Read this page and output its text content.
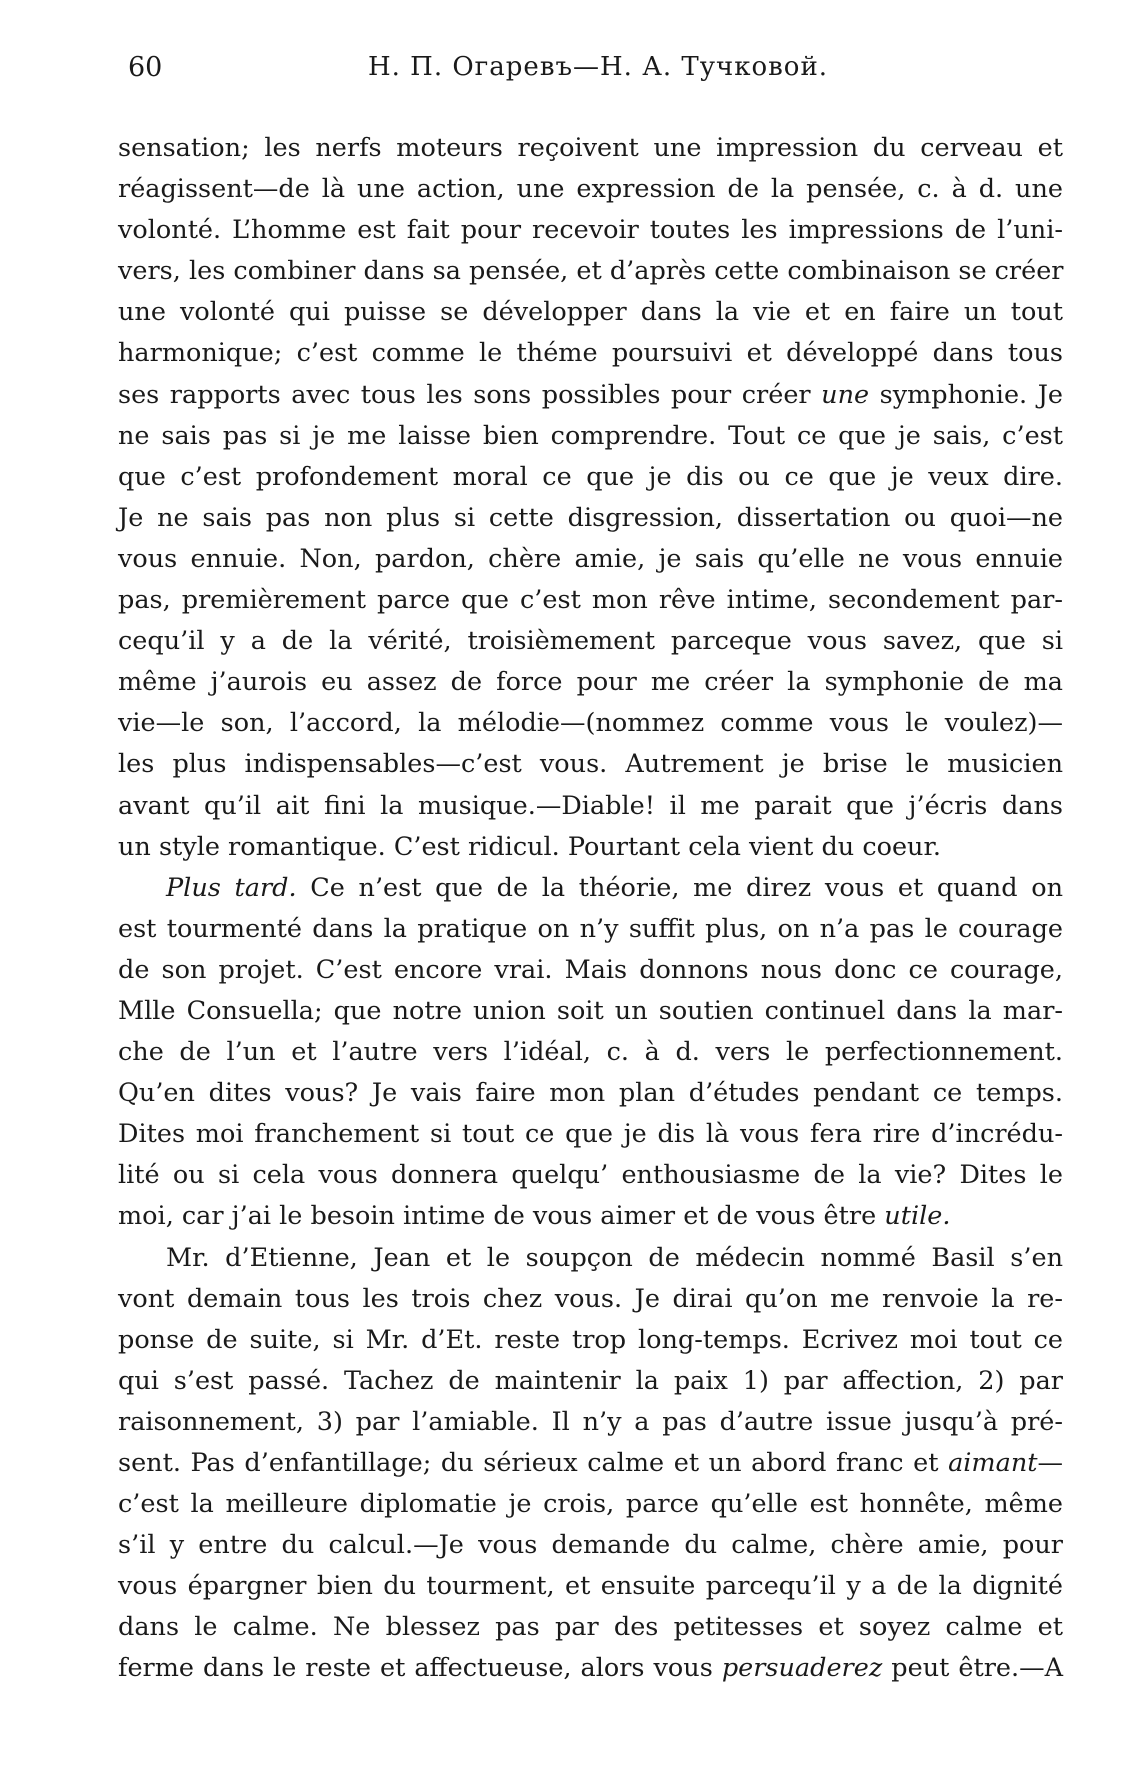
60	Н. П. Огаревъ—Н. А. Тучковой.
sensation; les nerfs moteurs reçoivent une impression du cerveau et
réagissent—de là une action, une expression de la pensée, c. à d. une
volonté. L’homme est fait pour recevoir toutes les impressions de l’uni-
vers, les combiner dans sa pensée, et d’après cette combinaison se créer
une volonté qui puisse se développer dans la vie et en faire un tout
harmonique; c’est comme le théme poursuivi et développé dans tous
ses rapports avec tous les sons possibles pour créer une symphonie. Je
ne sais pas si je me laisse bien comprendre. Tout ce que je sais, c’est
que c’est profondement moral ce que je dis ou ce que je veux dire.
Je ne sais pas non plus si cette disgression, dissertation ou quoi—ne
vous ennuie. Non, pardon, chère amie, je sais qu’elle ne vous ennuie
pas, premièrement parce que c’est mon rêve intime, secondement par-
cequ’il y a de la vérité, troisièmement parceque vous savez, que si
même j’aurois eu assez de force pour me créer la symphonie de ma
vie—le son, l’accord, la mélodie—(nommez comme vous le voulez)—
les plus indispensables—c’est vous. Autrement je brise le musicien
avant qu’il ait fini la musique.—Diable! il me parait que j’écris dans
un style romantique. C’est ridicul. Pourtant cela vient du coeur.
Plus tard. Ce n’est que de la théorie, me direz vous et quand on
est tourmenté dans la pratique on n’y suffit plus, on n’a pas le courage
de son projet. C’est encore vrai. Mais donnons nous donc ce courage,
Mlle Consuella; que notre union soit un soutien continuel dans la mar-
che de l’un et l’autre vers l’idéal, c. à d. vers le perfectionnement.
Qu’en dites vous? Je vais faire mon plan d’études pendant ce temps.
Dites moi franchement si tout ce que je dis là vous fera rire d’incrédu-
lité ou si cela vous donnera quelqu’ enthousiasme de la vie? Dites le
moi, car j’ai le besoin intime de vous aimer et de vous être utile.
Mr. d’Etienne, Jean et le soupçon de médecin nommé Basil s’en
vont demain tous les trois chez vous. Je dirai qu’on me renvoie la re-
ponse de suite, si Mr. d’Et. reste trop long-temps. Ecrivez moi tout ce
qui s’est passé. Tachez de maintenir la paix 1) par affection, 2) par
raisonnement, 3) par l’amiable. Il n’y a pas d’autre issue jusqu’à pré-
sent. Pas d’enfantillage; du sérieux calme et un abord franc et aimant—
c’est la meilleure diplomatie je crois, parce qu’elle est honnête, même
s’il y entre du calcul.—Je vous demande du calme, chère amie, pour
vous épargner bien du tourment, et ensuite parcequ’il y a de la dignité
dans le calme. Ne blessez pas par des petitesses et soyez calme et
ferme dans le reste et affectueuse, alors vous persuaderez peut être.—A
